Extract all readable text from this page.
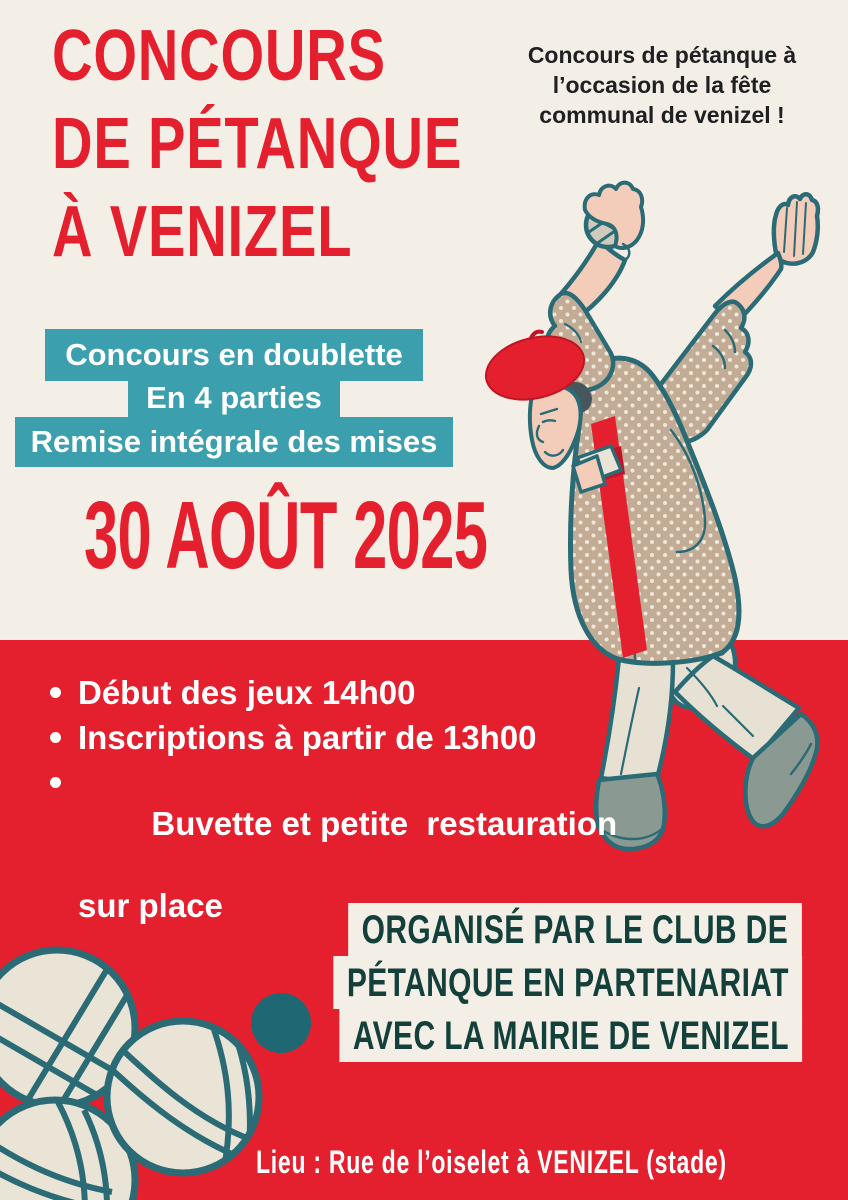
CONCOURS
DE PÉTANQUE
À VENIZEL
Concours de pétanque à
l’occasion de la fête
communal de venizel !
Concours en doublette
En 4 parties
Remise intégrale des mises
30 AOÛT 2025
Début des jeux 14h00
Inscriptions à partir de 13h00

Buvette et petite  restauration

sur place

ORGANISÉ PAR LE CLUB DE
PÉTANQUE EN PARTENARIAT
AVEC LA MAIRIE DE VENIZEL
Lieu : Rue de l’oiselet à VENIZEL (stade)
